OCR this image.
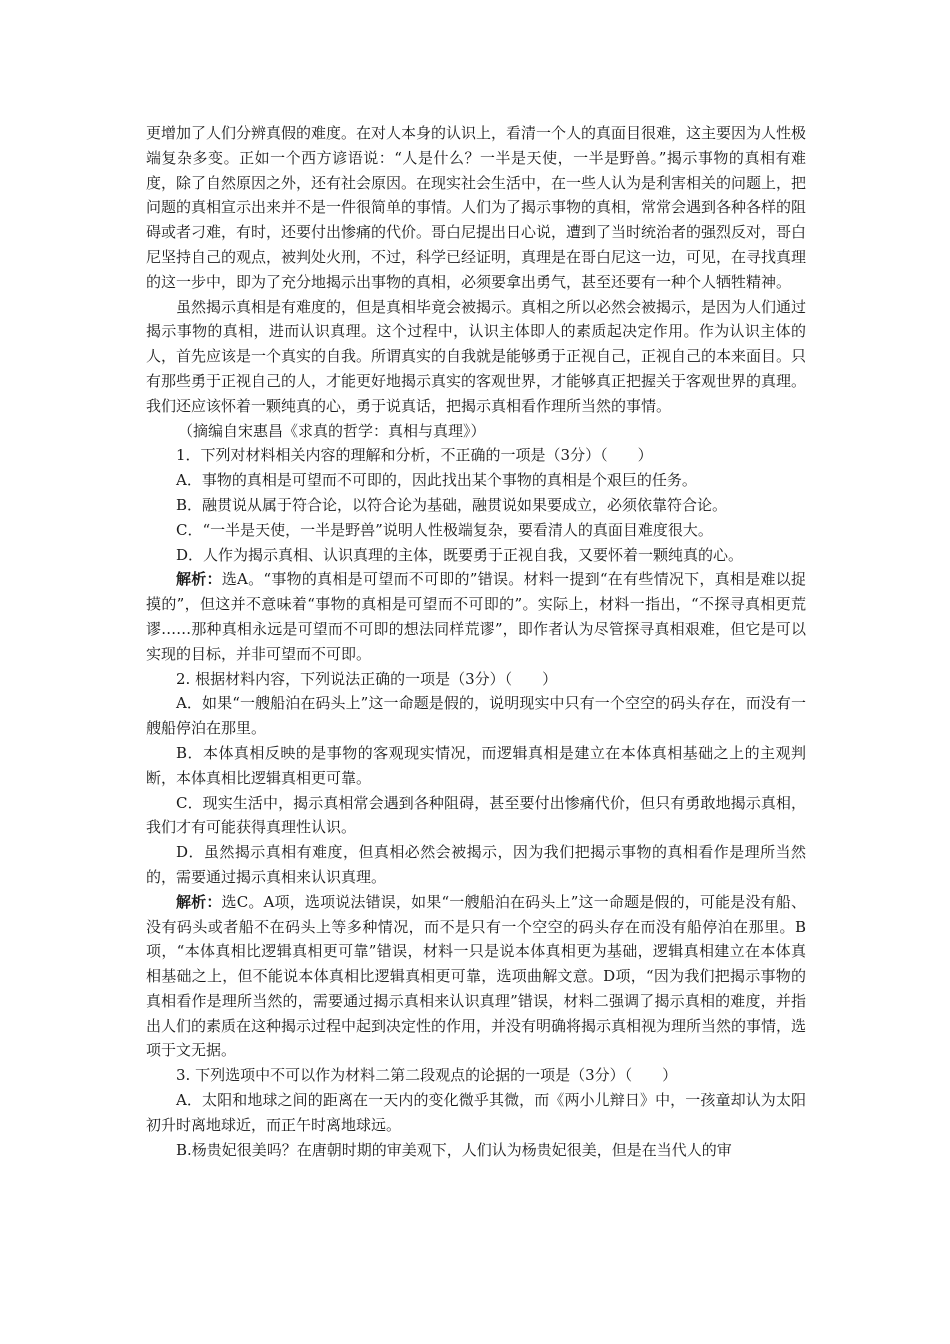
更增加了人们分辨真假的难度。在对人本身的认识上，看清一个人的真面目很难，这主要因为人性极端复杂多变。正如一个西方谚语说：“人是什么？一半是天使，一半是野兽。”揭示事物的真相有难度，除了自然原因之外，还有社会原因。在现实社会生活中，在一些人认为是利害相关的问题上，把问题的真相宣示出来并不是一件很简单的事情。人们为了揭示事物的真相，常常会遇到各种各样的阻碍或者刁难，有时，还要付出惨痛的代价。哥白尼提出日心说，遭到了当时统治者的强烈反对，哥白尼坚持自己的观点，被判处火刑，不过，科学已经证明，真理是在哥白尼这一边，可见，在寻找真理的这一步中，即为了充分地揭示出事物的真相，必须要拿出勇气，甚至还要有一种个人牺牲精神。

虽然揭示真相是有难度的，但是真相毕竟会被揭示。真相之所以必然会被揭示，是因为人们通过揭示事物的真相，进而认识真理。这个过程中，认识主体即人的素质起决定作用。作为认识主体的人，首先应该是一个真实的自我。所谓真实的自我就是能够勇于正视自己，正视自己的本来面目。只有那些勇于正视自己的人，才能更好地揭示真实的客观世界，才能够真正把握关于客观世界的真理。我们还应该怀着一颗纯真的心，勇于说真话，把揭示真相看作理所当然的事情。

（摘编自宋惠昌《求真的哲学：真相与真理》）

1．下列对材料相关内容的理解和分析，不正确的一项是（3分）（　　）

A．事物的真相是可望而不可即的，因此找出某个事物的真相是个艰巨的任务。

B．融贯说从属于符合论，以符合论为基础，融贯说如果要成立，必须依靠符合论。

C．“一半是天使，一半是野兽”说明人性极端复杂，要看清人的真面目难度很大。

D．人作为揭示真相、认识真理的主体，既要勇于正视自我，又要怀着一颗纯真的心。

解析：选A。“事物的真相是可望而不可即的”错误。材料一提到“在有些情况下，真相是难以捉摸的”，但这并不意味着“事物的真相是可望而不可即的”。实际上，材料一指出，“不探寻真相更荒谬……那种真相永远是可望而不可即的想法同样荒谬”，即作者认为尽管探寻真相艰难，但它是可以实现的目标，并非可望而不可即。

2. 根据材料内容，下列说法正确的一项是（3分）（　　）

A．如果“一艘船泊在码头上”这一命题是假的，说明现实中只有一个空空的码头存在，而没有一艘船停泊在那里。

B．本体真相反映的是事物的客观现实情况，而逻辑真相是建立在本体真相基础之上的主观判断，本体真相比逻辑真相更可靠。

C．现实生活中，揭示真相常会遇到各种阻碍，甚至要付出惨痛代价，但只有勇敢地揭示真相，我们才有可能获得真理性认识。

D．虽然揭示真相有难度，但真相必然会被揭示，因为我们把揭示事物的真相看作是理所当然的，需要通过揭示真相来认识真理。

解析：选C。A项，选项说法错误，如果“一艘船泊在码头上”这一命题是假的，可能是没有船、没有码头或者船不在码头上等多种情况，而不是只有一个空空的码头存在而没有船停泊在那里。B项，“本体真相比逻辑真相更可靠”错误，材料一只是说本体真相更为基础，逻辑真相建立在本体真相基础之上，但不能说本体真相比逻辑真相更可靠，选项曲解文意。D项，“因为我们把揭示事物的真相看作是理所当然的，需要通过揭示真相来认识真理”错误，材料二强调了揭示真相的难度，并指出人们的素质在这种揭示过程中起到决定性的作用，并没有明确将揭示真相视为理所当然的事情，选项于文无据。

3. 下列选项中不可以作为材料二第二段观点的论据的一项是（3分）（　　）

A．太阳和地球之间的距离在一天内的变化微乎其微，而《两小儿辩日》中，一孩童却认为太阳初升时离地球近，而正午时离地球远。

B.杨贵妃很美吗？在唐朝时期的审美观下，人们认为杨贵妃很美，但是在当代人的审
